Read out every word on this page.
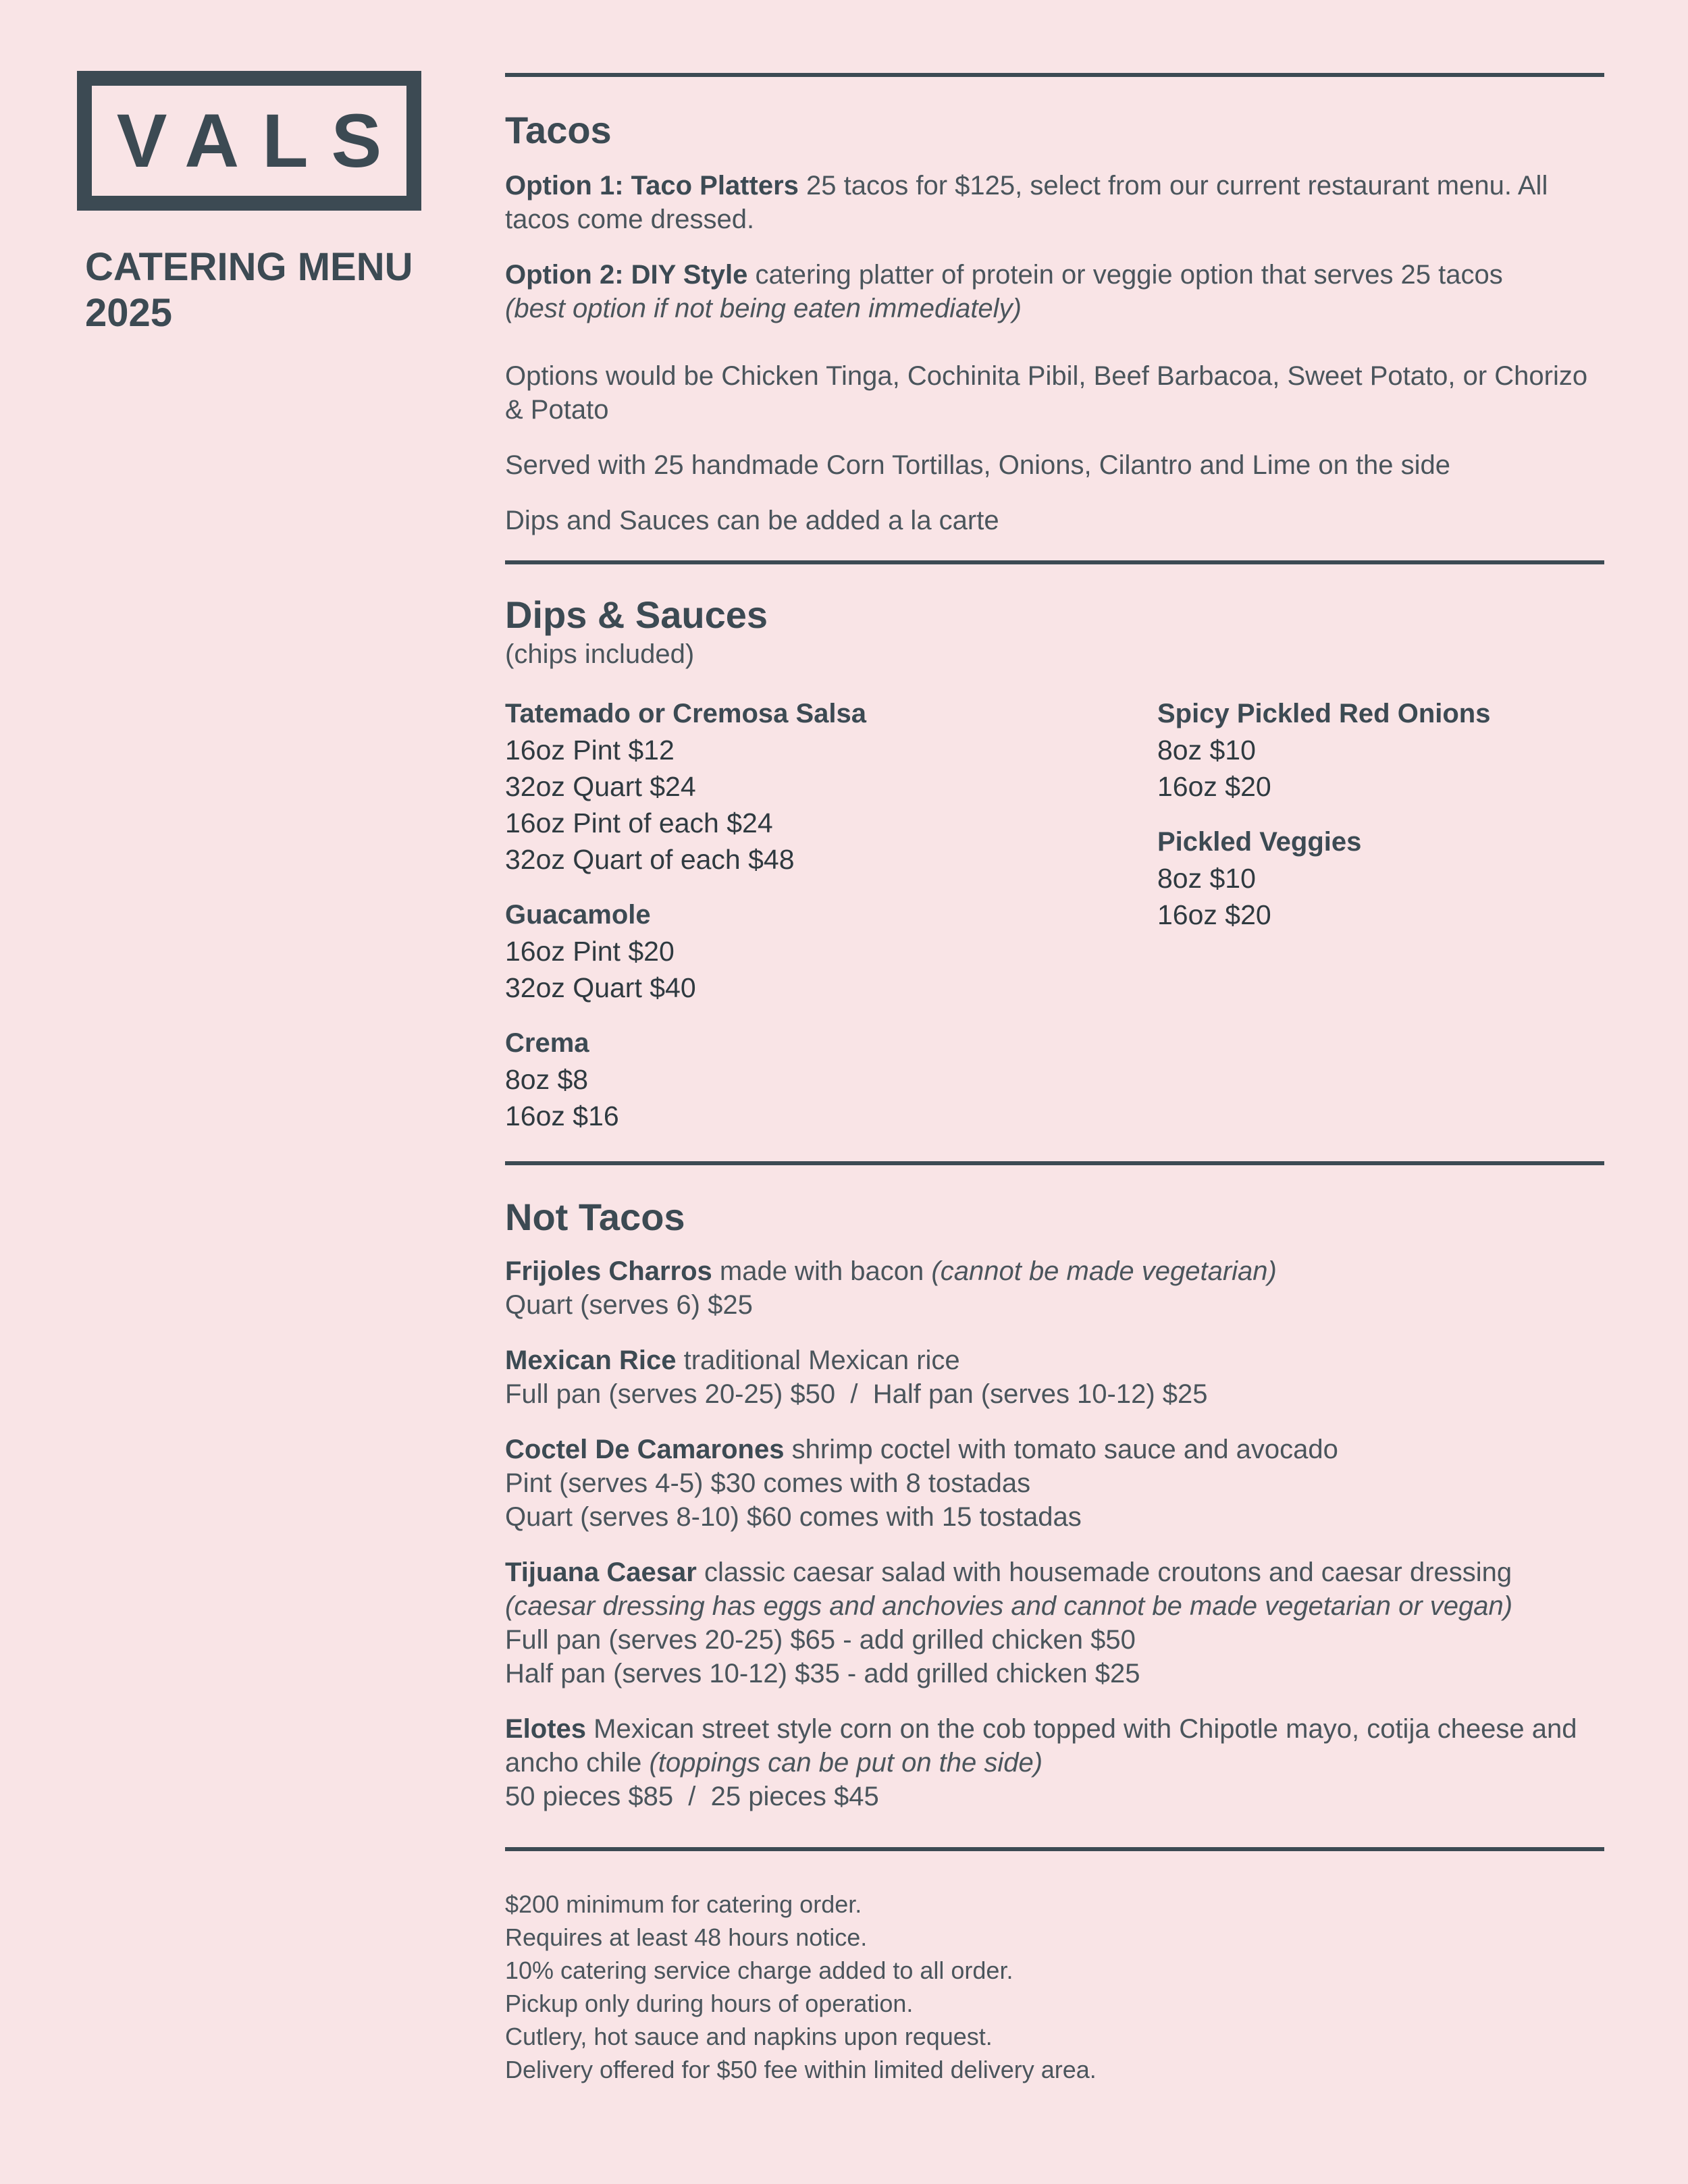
VALS
CATERING MENU
2025
Tacos

Option 1: Taco Platters 25 tacos for $125, select from our current restaurant menu. All tacos come dressed.

Option 2: DIY Style catering platter of protein or veggie option that serves 25 tacos

(best option if not being eaten immediately)

Options would be Chicken Tinga, Cochinita Pibil, Beef Barbacoa, Sweet Potato, or Chorizo & Potato

Served with 25 handmade Corn Tortillas, Onions, Cilantro and Lime on the side

Dips and Sauces can be added a la carte

Dips & Sauces

(chips included)

Tatemado or Cremosa Salsa
16oz Pint $12
32oz Quart $24
16oz Pint of each $24
32oz Quart of each $48
Guacamole
16oz Pint $20
32oz Quart $40
Crema
8oz $8
16oz $16
Spicy Pickled Red Onions
8oz $10
16oz $20
Pickled Veggies
8oz $10
16oz $20
Not Tacos

Frijoles Charros made with bacon (cannot be made vegetarian)

Quart (serves 6) $25

Mexican Rice traditional Mexican rice

Full pan (serves 20-25) $50  /  Half pan (serves 10-12) $25

Coctel De Camarones shrimp coctel with tomato sauce and avocado

Pint (serves 4-5) $30 comes with 8 tostadas

Quart (serves 8-10) $60 comes with 15 tostadas

Tijuana Caesar classic caesar salad with housemade croutons and caesar dressing

(caesar dressing has eggs and anchovies and cannot be made vegetarian or vegan)

Full pan (serves 20-25) $65 - add grilled chicken $50

Half pan (serves 10-12) $35 - add grilled chicken $25

Elotes Mexican street style corn on the cob topped with Chipotle mayo, cotija cheese and ancho chile (toppings can be put on the side)

50 pieces $85  /  25 pieces $45

$200 minimum for catering order.
Requires at least 48 hours notice.
10% catering service charge added to all order.
Pickup only during hours of operation.
Cutlery, hot sauce and napkins upon request.
Delivery offered for $50 fee within limited delivery area.
